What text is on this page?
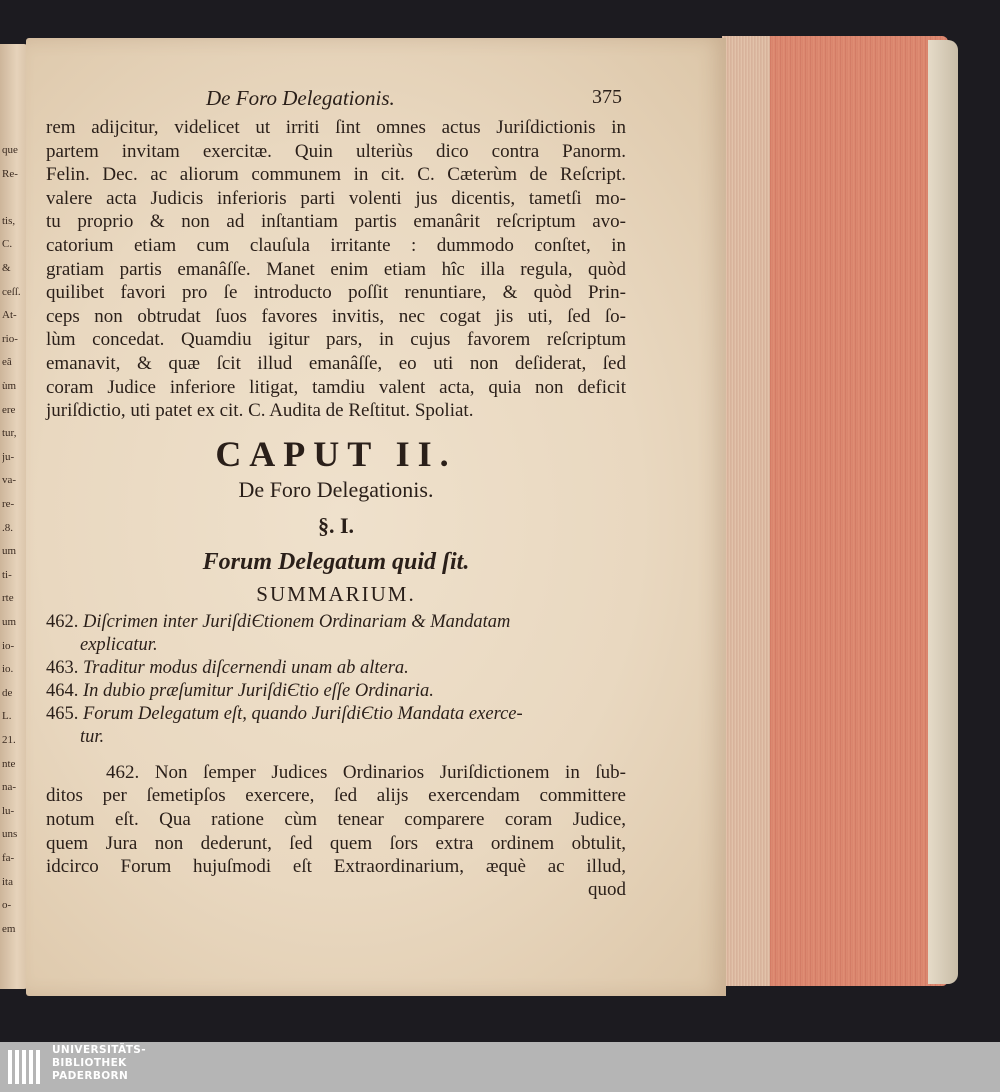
que
Re-
tis,
C.
&
ceſſ.
At-
rio-
eâ
ùm
ere
tur,
ju-
va-
re-
.8.
um
ti-
rte
um
io-
io.
de
L.
21.
nte
na-
lu-
uns
fa-
ita
o-
em
De Foro Delegationis.	375

rem adijcitur, videlicet ut irriti ſint omnes actus Juriſdictionis in
partem invitam exercitæ. Quin ulteriùs dico contra Panorm.
Felin. Dec. ac aliorum communem in cit. C. Cæterùm de Reſcript.
valere acta Judicis inferioris parti volenti jus dicentis, tametſi mo-
tu proprio & non ad inſtantiam partis emanârit reſcriptum avo-
catorium etiam cum clauſula irritante : dummodo conſtet, in
gratiam partis emanâſſe. Manet enim etiam hîc illa regula, quòd
quilibet favori pro ſe introducto poſſit renuntiare, & quòd Prin-
ceps non obtrudat ſuos favores invitis, nec cogat jis uti, ſed ſo-
lùm concedat. Quamdiu igitur pars, in cujus favorem reſcriptum
emanavit, & quæ ſcit illud emanâſſe, eo uti non deſiderat, ſed
coram Judice inferiore litigat, tamdiu valent acta, quia non deficit
juriſdictio, uti patet ex cit. C. Audita de Reſtitut. Spoliat.

CAPUT II.
De Foro Delegationis.
§. I.
Forum Delegatum quid ſit.
SUMMARIUM.
462. Diſcrimen inter JuriſdiЄtionem Ordinariam & Mandatam
explicatur.
463. Traditur modus diſcernendi unam ab altera.
464. In dubio præſumitur JuriſdiЄtio eſſe Ordinaria.
465. Forum Delegatum eſt, quando JuriſdiЄtio Mandata exerce-
tur.
462. Non ſemper Judices Ordinarios Juriſdictionem in ſub-
ditos per ſemetipſos exercere, ſed alijs exercendam committere
notum eſt. Qua ratione cùm tenear comparere coram Judice,
quem Jura non dederunt, ſed quem ſors extra ordinem obtulit,
idcirco Forum hujuſmodi eſt Extraordinarium, æquè ac illud,
quod
UNIVERSITÄTS-
BIBLIOTHEK
PADERBORN
